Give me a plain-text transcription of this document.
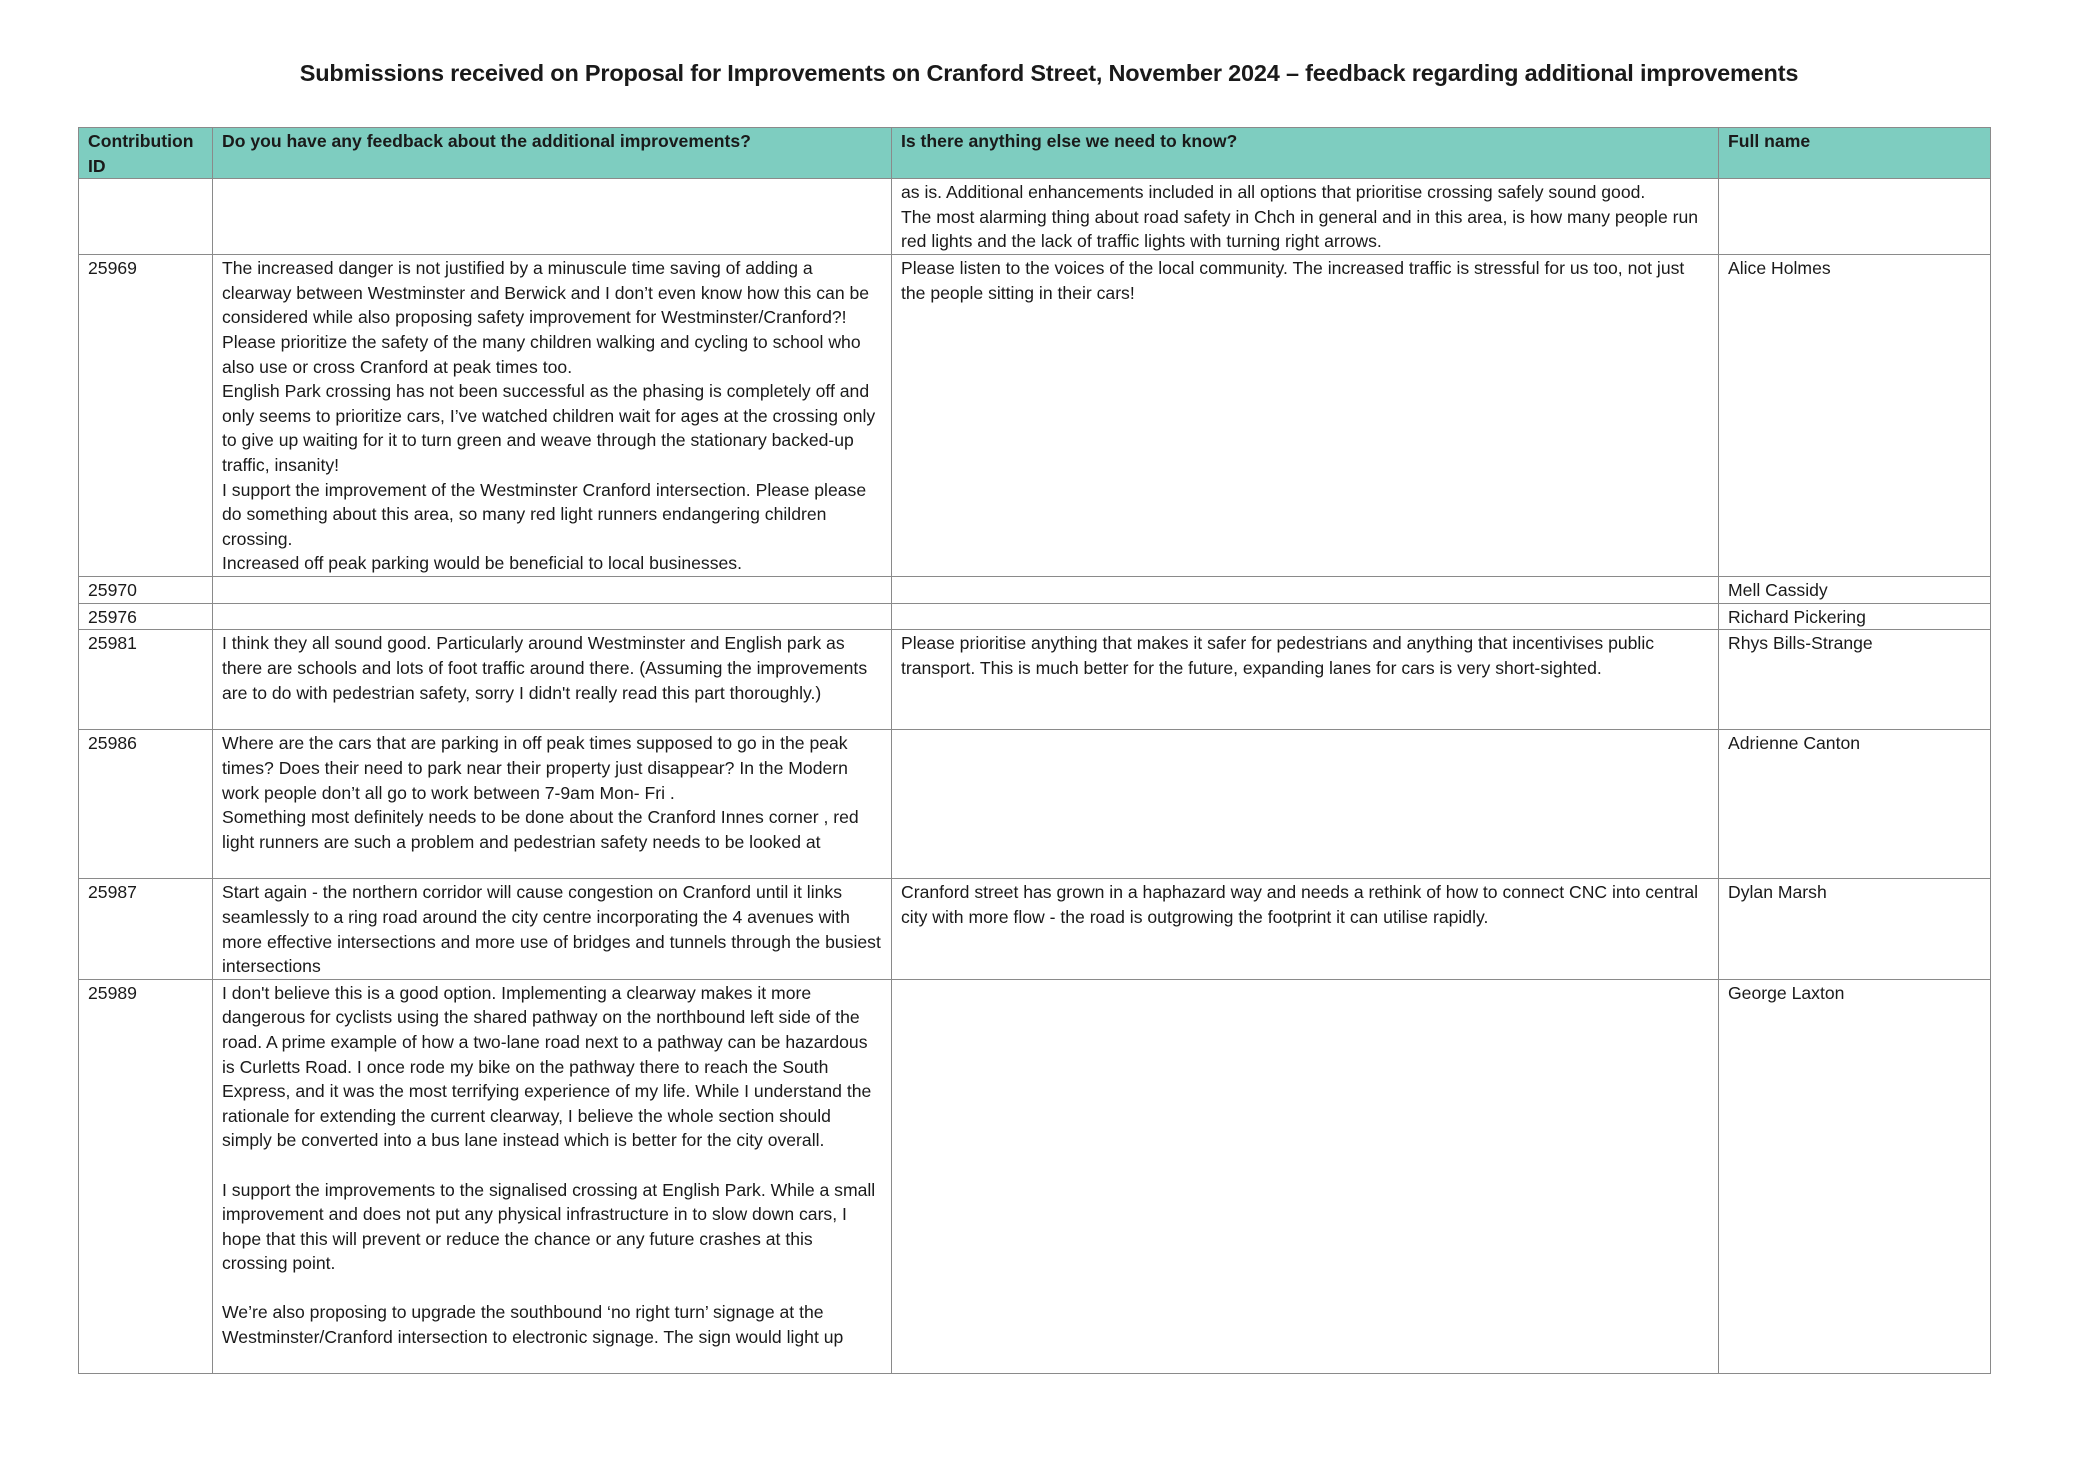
Submissions received on Proposal for Improvements on Cranford Street, November 2024 – feedback regarding additional improvements
Contribution ID	Do you have any feedback about the additional improvements?	Is there anything else we need to know?	Full name
		as is. Additional enhancements included in all options that prioritise crossing safely sound good.
The most alarming thing about road safety in Chch in general and in this area, is how many people run red lights and the lack of traffic lights with turning right arrows.	
25969	The increased danger is not justified by a minuscule time saving of adding a clearway between Westminster and Berwick and I don’t even know how this can be considered while also proposing safety improvement for Westminster/Cranford?! Please prioritize the safety of the many children walking and cycling to school who also use or cross Cranford at peak times too.
English Park crossing has not been successful as the phasing is completely off and only seems to prioritize cars, I’ve watched children wait for ages at the crossing only to give up waiting for it to turn green and weave through the stationary backed-up traffic, insanity!
I support the improvement of the Westminster Cranford intersection. Please please do something about this area, so many red light runners endangering children crossing.
Increased off peak parking would be beneficial to local businesses.	Please listen to the voices of the local community. The increased traffic is stressful for us too, not just the people sitting in their cars!	Alice Holmes
25970			Mell Cassidy
25976			Richard Pickering
25981	I think they all sound good. Particularly around Westminster and English park as there are schools and lots of foot traffic around there. (Assuming the improvements are to do with pedestrian safety, sorry I didn't really read this part thoroughly.)	Please prioritise anything that makes it safer for pedestrians and anything that incentivises public transport. This is much better for the future, expanding lanes for cars is very short-sighted.	Rhys Bills-Strange
25986	Where are the cars that are parking in off peak times supposed to go in the peak times? Does their need to park near their property just disappear? In the Modern work people don’t all go to work between 7-9am Mon- Fri .
Something most definitely needs to be done about the Cranford Innes corner , red light runners are such a problem and pedestrian safety needs to be looked at		Adrienne Canton
25987	Start again - the northern corridor will cause congestion on Cranford until it links seamlessly to a ring road around the city centre incorporating the 4 avenues with more effective intersections and more use of bridges and tunnels through the busiest intersections	Cranford street has grown in a haphazard way and needs a rethink of how to connect CNC into central city with more flow - the road is outgrowing the footprint it can utilise rapidly.	Dylan Marsh
25989	I don't believe this is a good option. Implementing a clearway makes it more dangerous for cyclists using the shared pathway on the northbound left side of the road. A prime example of how a two-lane road next to a pathway can be hazardous is Curletts Road. I once rode my bike on the pathway there to reach the South Express, and it was the most terrifying experience of my life. While I understand the rationale for extending the current clearway, I believe the whole section should simply be converted into a bus lane instead which is better for the city overall.

I support the improvements to the signalised crossing at English Park. While a small improvement and does not put any physical infrastructure in to slow down cars, I hope that this will prevent or reduce the chance or any future crashes at this crossing point.

We’re also proposing to upgrade the southbound ‘no right turn’ signage at the Westminster/Cranford intersection to electronic signage. The sign would light up		George Laxton
